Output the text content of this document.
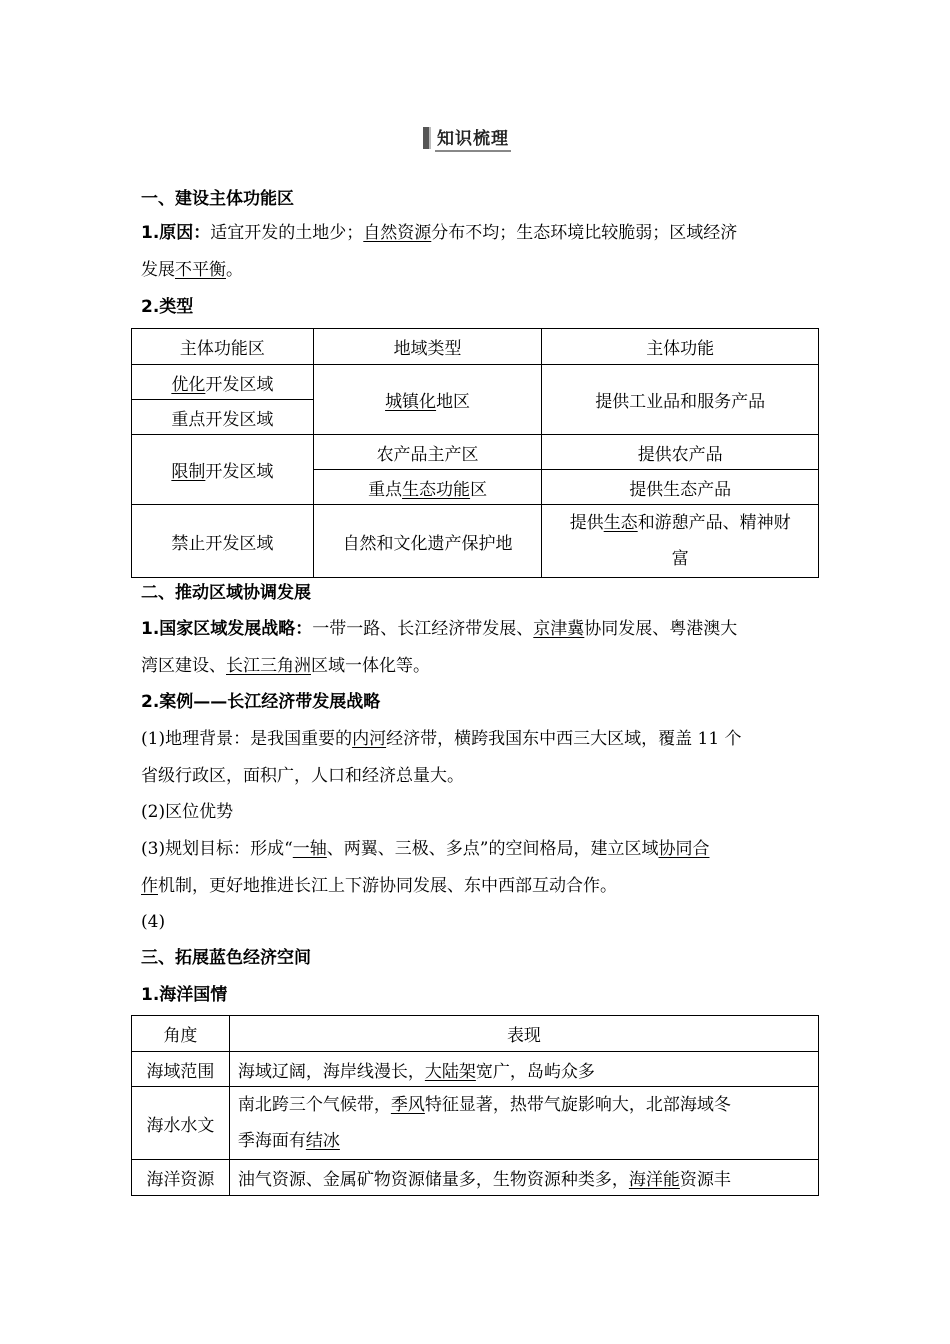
知识梳理
一、建设主体功能区
1.原因：适宜开发的土地少；自然资源分布不均；生态环境比较脆弱；区域经济
发展不平衡。
2.类型
主体功能区	地域类型	主体功能
优化开发区域	城镇化地区	提供工业品和服务产品
重点开发区域		
限制开发区域	农产品主产区	提供农产品
	重点生态功能区	提供生态产品
禁止开发区域	自然和文化遗产保护地	提供生态和游憩产品、精神财
富
二、推动区域协调发展
1.国家区域发展战略：一带一路、长江经济带发展、京津冀协同发展、粤港澳大
湾区建设、长江三角洲区域一体化等。
2.案例——长江经济带发展战略
(1)地理背景：是我国重要的内河经济带，横跨我国东中西三大区域，覆盖 11 个
省级行政区，面积广，人口和经济总量大。
(2)区位优势
(3)规划目标：形成“一轴、两翼、三极、多点”的空间格局，建立区域协同合
作机制，更好地推进长江上下游协同发展、东中西部互动合作。
(4)
三、拓展蓝色经济空间
1.海洋国情
角度	表现
海域范围	海域辽阔，海岸线漫长，大陆架宽广，岛屿众多
海水水文	南北跨三个气候带，季风特征显著，热带气旋影响大，北部海域冬
季海面有结冰
海洋资源	油气资源、金属矿物资源储量多，生物资源种类多，海洋能资源丰
